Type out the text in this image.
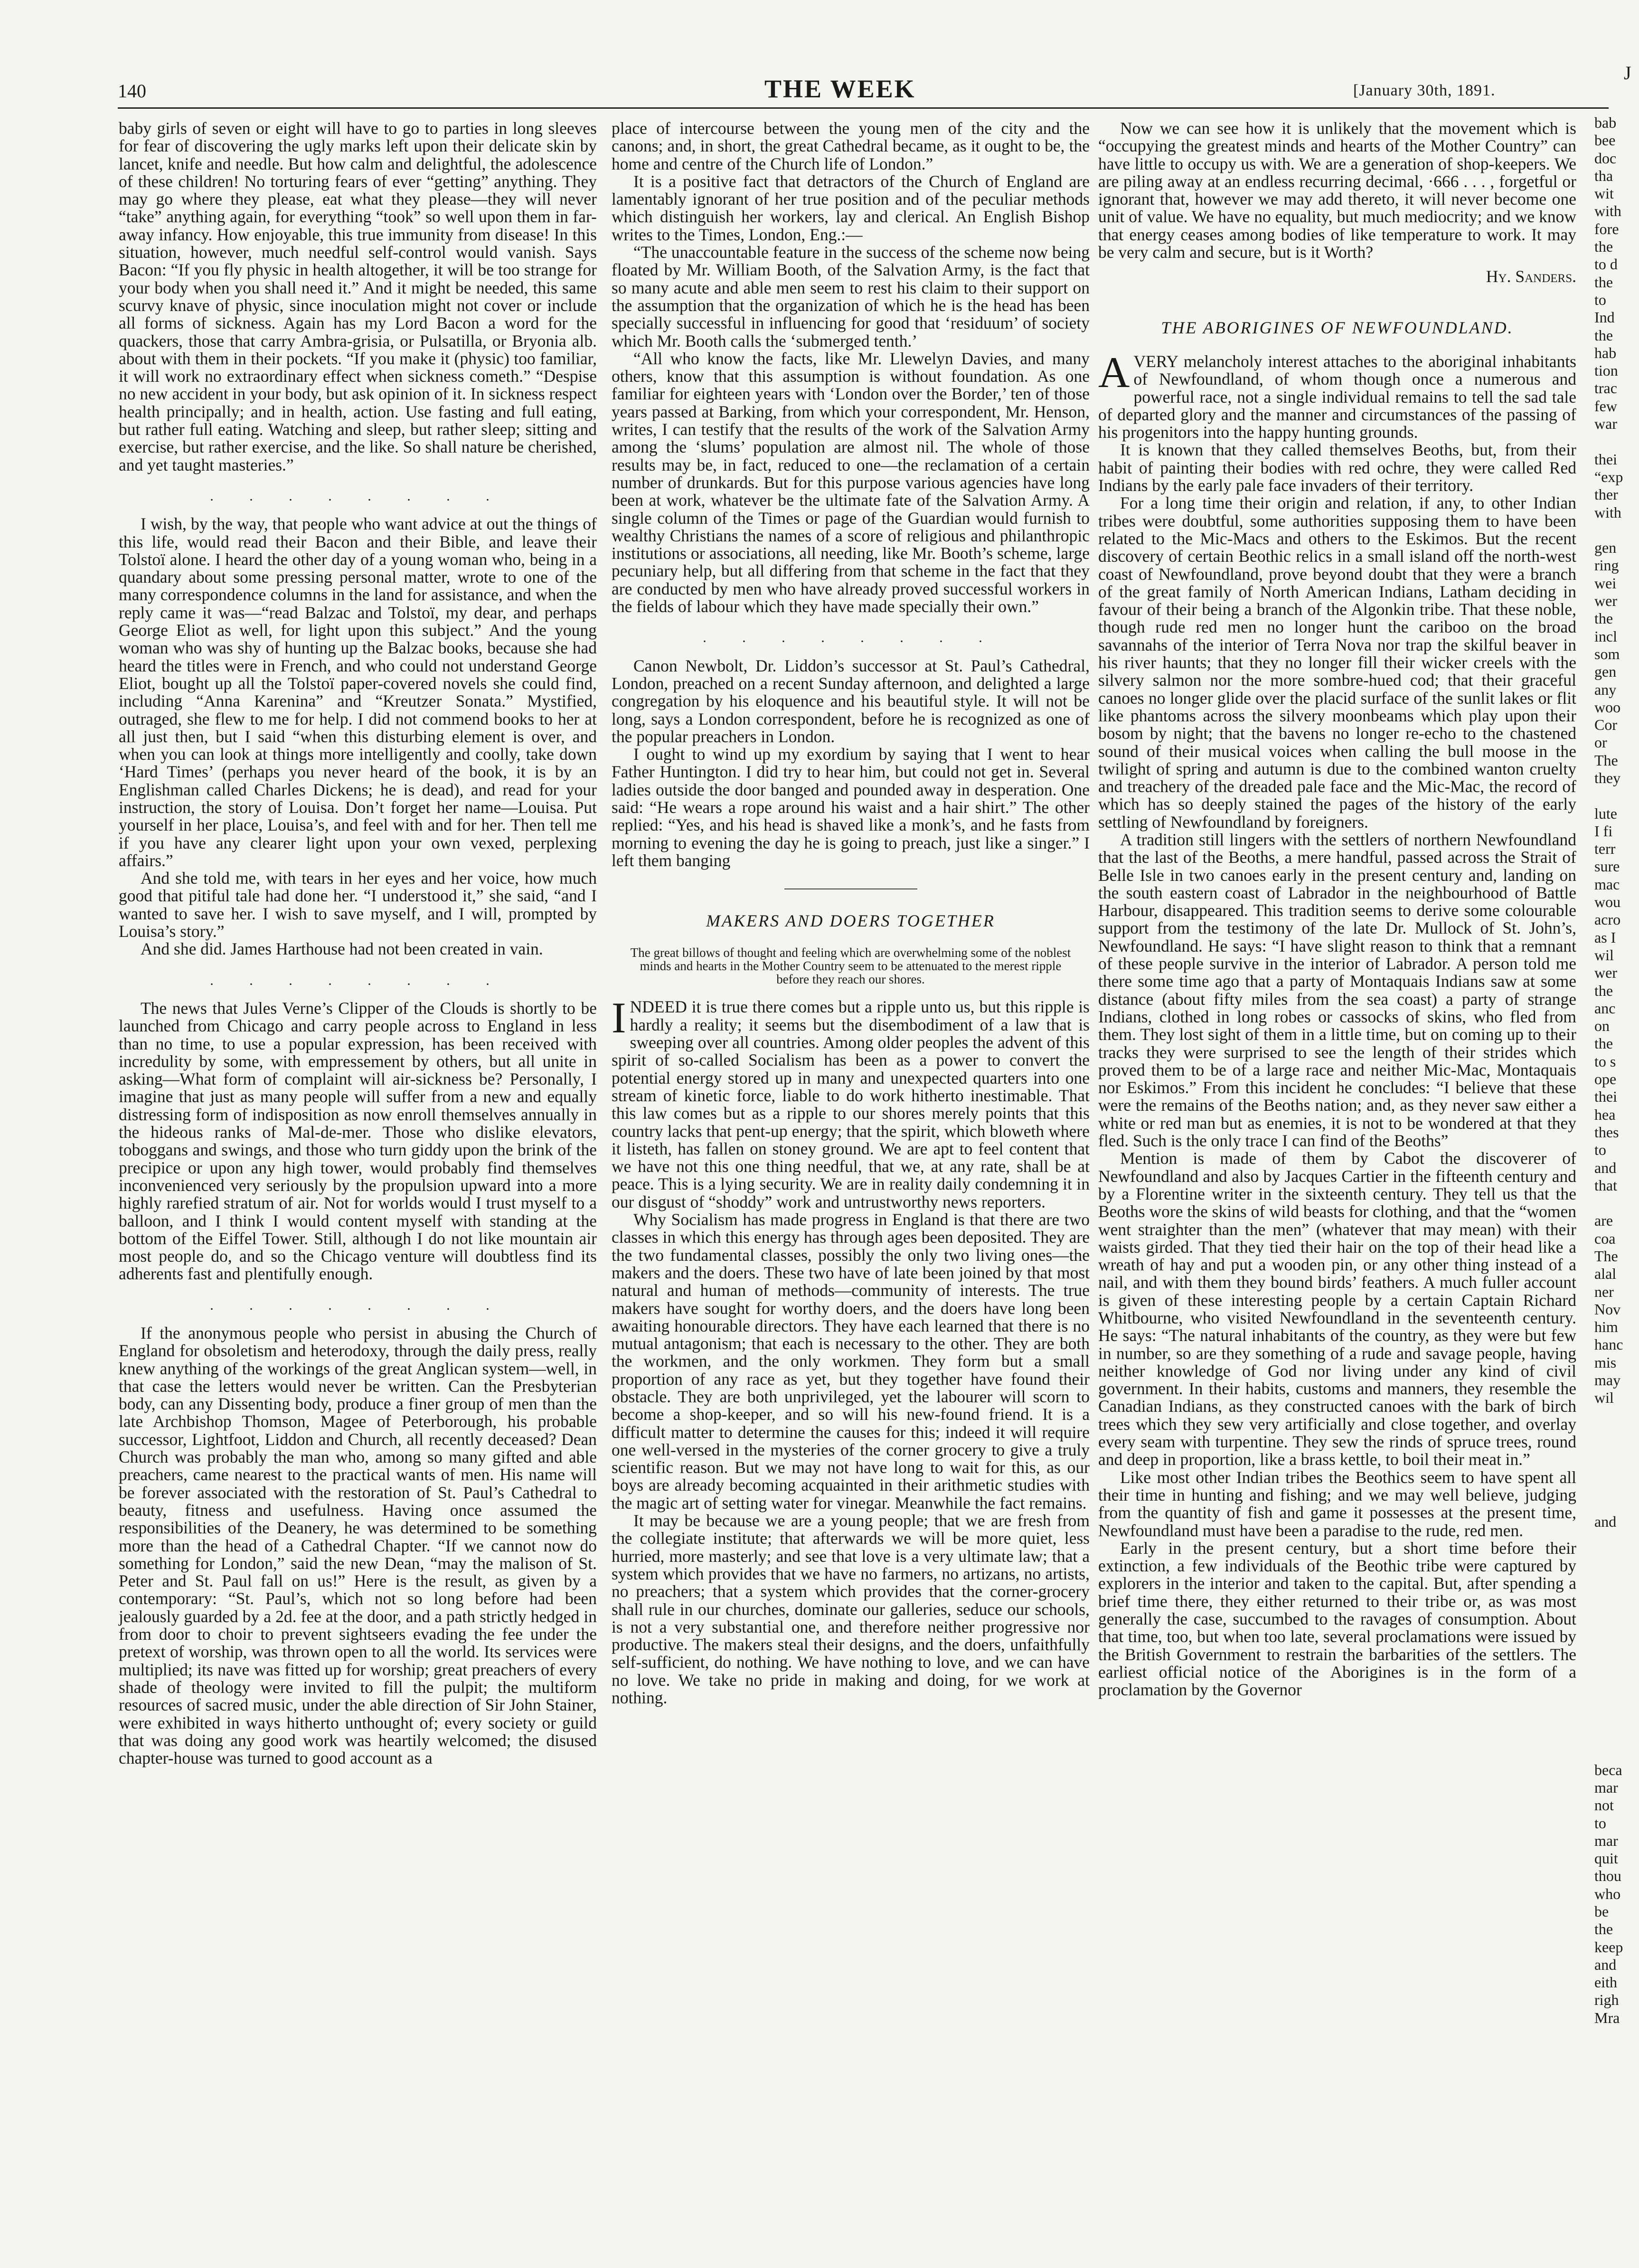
140	THE WEEK	[January 30th, 1891.
J

baby girls of seven or eight will have to go to parties in long sleeves for fear of discovering the ugly marks left upon their delicate skin by lancet, knife and needle. But how calm and delightful, the adolescence of these children! No torturing fears of ever “getting” anything. They may go where they please, eat what they please—they will never “take” anything again, for everything “took” so well upon them in far-away infancy. How enjoyable, this true immunity from disease! In this situation, however, much needful self-control would vanish. Says Bacon: “If you fly physic in health altogether, it will be too strange for your body when you shall need it.” And it might be needed, this same scurvy knave of physic, since inoculation might not cover or include all forms of sickness. Again has my Lord Bacon a word for the quackers, those that carry Ambra-grisia, or Pulsatilla, or Bryonia alb. about with them in their pockets. “If you make it (physic) too familiar, it will work no extraordinary effect when sickness cometh.” “Despise no new accident in your body, but ask opinion of it. In sickness respect health principally; and in health, action. Use fasting and full eating, but rather full eating. Watching and sleep, but rather sleep; sitting and exercise, but rather exercise, and the like. So shall nature be cherished, and yet taught masteries.”

. . . . . . . .

I wish, by the way, that people who want advice at out the things of this life, would read their Bacon and their Bible, and leave their Tolstoï alone. I heard the other day of a young woman who, being in a quandary about some pressing personal matter, wrote to one of the many correspondence columns in the land for assistance, and when the reply came it was—“read Balzac and Tolstoï, my dear, and perhaps George Eliot as well, for light upon this subject.” And the young woman who was shy of hunting up the Balzac books, because she had heard the titles were in French, and who could not understand George Eliot, bought up all the Tolstoï paper-covered novels she could find, including “Anna Karenina” and “Kreutzer Sonata.” Mystified, outraged, she flew to me for help. I did not commend books to her at all just then, but I said “when this disturbing element is over, and when you can look at things more intelligently and coolly, take down ‘Hard Times’ (perhaps you never heard of the book, it is by an Englishman called Charles Dickens; he is dead), and read for your instruction, the story of Louisa. Don’t forget her name—Louisa. Put yourself in her place, Louisa’s, and feel with and for her. Then tell me if you have any clearer light upon your own vexed, perplexing affairs.”

And she told me, with tears in her eyes and her voice, how much good that pitiful tale had done her. “I understood it,” she said, “and I wanted to save her. I wish to save myself, and I will, prompted by Louisa’s story.”

And she did. James Harthouse had not been created in vain.

. . . . . . . .

The news that Jules Verne’s Clipper of the Clouds is shortly to be launched from Chicago and carry people across to England in less than no time, to use a popular expression, has been received with incredulity by some, with empressement by others, but all unite in asking—What form of complaint will air-sickness be? Personally, I imagine that just as many people will suffer from a new and equally distressing form of indisposition as now enroll themselves annually in the hideous ranks of Mal-de-mer. Those who dislike elevators, toboggans and swings, and those who turn giddy upon the brink of the precipice or upon any high tower, would probably find themselves inconvenienced very seriously by the propulsion upward into a more highly rarefied stratum of air. Not for worlds would I trust myself to a balloon, and I think I would content myself with standing at the bottom of the Eiffel Tower. Still, although I do not like mountain air most people do, and so the Chicago venture will doubtless find its adherents fast and plentifully enough.

. . . . . . . .

If the anonymous people who persist in abusing the Church of England for obsoletism and heterodoxy, through the daily press, really knew anything of the workings of the great Anglican system—well, in that case the letters would never be written. Can the Presbyterian body, can any Dissenting body, produce a finer group of men than the late Archbishop Thomson, Magee of Peterborough, his probable successor, Lightfoot, Liddon and Church, all recently deceased? Dean Church was probably the man who, among so many gifted and able preachers, came nearest to the practical wants of men. His name will be forever associated with the restoration of St. Paul’s Cathedral to beauty, fitness and usefulness. Having once assumed the responsibilities of the Deanery, he was determined to be something more than the head of a Cathedral Chapter. “If we cannot now do something for London,” said the new Dean, “may the malison of St. Peter and St. Paul fall on us!” Here is the result, as given by a contemporary: “St. Paul’s, which not so long before had been jealously guarded by a 2d. fee at the door, and a path strictly hedged in from door to choir to prevent sightseers evading the fee under the pretext of worship, was thrown open to all the world. Its services were multiplied; its nave was fitted up for worship; great preachers of every shade of theology were invited to fill the pulpit; the multiform resources of sacred music, under the able direction of Sir John Stainer, were exhibited in ways hitherto unthought of; every society or guild that was doing any good work was heartily welcomed; the disused chapter-house was turned to good account as a

place of intercourse between the young men of the city and the canons; and, in short, the great Cathedral became, as it ought to be, the home and centre of the Church life of London.”

It is a positive fact that detractors of the Church of England are lamentably ignorant of her true position and of the peculiar methods which distinguish her workers, lay and clerical. An English Bishop writes to the Times, London, Eng.:—

“The unaccountable feature in the success of the scheme now being floated by Mr. William Booth, of the Salvation Army, is the fact that so many acute and able men seem to rest his claim to their support on the assumption that the organization of which he is the head has been specially successful in influencing for good that ‘residuum’ of society which Mr. Booth calls the ‘submerged tenth.’

“All who know the facts, like Mr. Llewelyn Davies, and many others, know that this assumption is without foundation. As one familiar for eighteen years with ‘London over the Border,’ ten of those years passed at Barking, from which your correspondent, Mr. Henson, writes, I can testify that the results of the work of the Salvation Army among the ‘slums’ population are almost nil. The whole of those results may be, in fact, reduced to one—the reclamation of a certain number of drunkards. But for this purpose various agencies have long been at work, whatever be the ultimate fate of the Salvation Army. A single column of the Times or page of the Guardian would furnish to wealthy Christians the names of a score of religious and philanthropic institutions or associations, all needing, like Mr. Booth’s scheme, large pecuniary help, but all differing from that scheme in the fact that they are conducted by men who have already proved successful workers in the fields of labour which they have made specially their own.”

. . . . . . . .

Canon Newbolt, Dr. Liddon’s successor at St. Paul’s Cathedral, London, preached on a recent Sunday afternoon, and delighted a large congregation by his eloquence and his beautiful style. It will not be long, says a London correspondent, before he is recognized as one of the popular preachers in London.

I ought to wind up my exordium by saying that I went to hear Father Huntington. I did try to hear him, but could not get in. Several ladies outside the door banged and pounded away in desperation. One said: “He wears a rope around his waist and a hair shirt.” The other replied: “Yes, and his head is shaved like a monk’s, and he fasts from morning to evening the day he is going to preach, just like a singer.” I left them banging

MAKERS AND DOERS TOGETHER
The great billows of thought and feeling which are overwhelming some of the noblest minds and hearts in the Mother Country seem to be attenuated to the merest ripple before they reach our shores.

INDEED it is true there comes but a ripple unto us, but this ripple is hardly a reality; it seems but the disembodiment of a law that is sweeping over all countries. Among older peoples the advent of this spirit of so-called Socialism has been as a power to convert the potential energy stored up in many and unexpected quarters into one stream of kinetic force, liable to do work hitherto inestimable. That this law comes but as a ripple to our shores merely points that this country lacks that pent-up energy; that the spirit, which bloweth where it listeth, has fallen on stoney ground. We are apt to feel content that we have not this one thing needful, that we, at any rate, shall be at peace. This is a lying security. We are in reality daily condemning it in our disgust of “shoddy” work and untrustworthy news reporters.

Why Socialism has made progress in England is that there are two classes in which this energy has through ages been deposited. They are the two fundamental classes, possibly the only two living ones—the makers and the doers. These two have of late been joined by that most natural and human of methods—community of interests. The true makers have sought for worthy doers, and the doers have long been awaiting honourable directors. They have each learned that there is no mutual antagonism; that each is necessary to the other. They are both the workmen, and the only workmen. They form but a small proportion of any race as yet, but they together have found their obstacle. They are both unprivileged, yet the labourer will scorn to become a shop-keeper, and so will his new-found friend. It is a difficult matter to determine the causes for this; indeed it will require one well-versed in the mysteries of the corner grocery to give a truly scientific reason. But we may not have long to wait for this, as our boys are already becoming acquainted in their arithmetic studies with the magic art of setting water for vinegar. Meanwhile the fact remains.

It may be because we are a young people; that we are fresh from the collegiate institute; that afterwards we will be more quiet, less hurried, more masterly; and see that love is a very ultimate law; that a system which provides that we have no farmers, no artizans, no artists, no preachers; that a system which provides that the corner-grocery shall rule in our churches, dominate our galleries, seduce our schools, is not a very substantial one, and therefore neither progressive nor productive. The makers steal their designs, and the doers, unfaithfully self-sufficient, do nothing. We have nothing to love, and we can have no love. We take no pride in making and doing, for we work at nothing.

Now we can see how it is unlikely that the movement which is “occupying the greatest minds and hearts of the Mother Country” can have little to occupy us with. We are a generation of shop-keepers. We are piling away at an endless recurring decimal, ·666 . . . , forgetful or ignorant that, however we may add thereto, it will never become one unit of value. We have no equality, but much mediocrity; and we know that energy ceases among bodies of like temperature to work. It may be very calm and secure, but is it Worth?

Hy. Sanders.
THE ABORIGINES OF NEWFOUNDLAND.

AVERY melancholy interest attaches to the aboriginal inhabitants of Newfoundland, of whom though once a numerous and powerful race, not a single individual remains to tell the sad tale of departed glory and the manner and circumstances of the passing of his progenitors into the happy hunting grounds.

It is known that they called themselves Beoths, but, from their habit of painting their bodies with red ochre, they were called Red Indians by the early pale face invaders of their territory.

For a long time their origin and relation, if any, to other Indian tribes were doubtful, some authorities supposing them to have been related to the Mic-Macs and others to the Eskimos. But the recent discovery of certain Beothic relics in a small island off the north-west coast of Newfoundland, prove beyond doubt that they were a branch of the great family of North American Indians, Latham deciding in favour of their being a branch of the Algonkin tribe. That these noble, though rude red men no longer hunt the cariboo on the broad savannahs of the interior of Terra Nova nor trap the skilful beaver in his river haunts; that they no longer fill their wicker creels with the silvery salmon nor the more sombre-hued cod; that their graceful canoes no longer glide over the placid surface of the sunlit lakes or flit like phantoms across the silvery moonbeams which play upon their bosom by night; that the bavens no longer re-echo to the chastened sound of their musical voices when calling the bull moose in the twilight of spring and autumn is due to the combined wanton cruelty and treachery of the dreaded pale face and the Mic-Mac, the record of which has so deeply stained the pages of the history of the early settling of Newfoundland by foreigners.

A tradition still lingers with the settlers of northern Newfoundland that the last of the Beoths, a mere handful, passed across the Strait of Belle Isle in two canoes early in the present century and, landing on the south eastern coast of Labrador in the neighbourhood of Battle Harbour, disappeared. This tradition seems to derive some colourable support from the testimony of the late Dr. Mullock of St. John’s, Newfoundland. He says: “I have slight reason to think that a remnant of these people survive in the interior of Labrador. A person told me there some time ago that a party of Montaquais Indians saw at some distance (about fifty miles from the sea coast) a party of strange Indians, clothed in long robes or cassocks of skins, who fled from them. They lost sight of them in a little time, but on coming up to their tracks they were surprised to see the length of their strides which proved them to be of a large race and neither Mic-Mac, Montaquais nor Eskimos.” From this incident he concludes: “I believe that these were the remains of the Beoths nation; and, as they never saw either a white or red man but as enemies, it is not to be wondered at that they fled. Such is the only trace I can find of the Beoths”

Mention is made of them by Cabot the discoverer of Newfoundland and also by Jacques Cartier in the fifteenth century and by a Florentine writer in the sixteenth century. They tell us that the Beoths wore the skins of wild beasts for clothing, and that the “women went straighter than the men” (whatever that may mean) with their waists girded. That they tied their hair on the top of their head like a wreath of hay and put a wooden pin, or any other thing instead of a nail, and with them they bound birds’ feathers. A much fuller account is given of these interesting people by a certain Captain Richard Whitbourne, who visited Newfoundland in the seventeenth century. He says: “The natural inhabitants of the country, as they were but few in number, so are they something of a rude and savage people, having neither knowledge of God nor living under any kind of civil government. In their habits, customs and manners, they resemble the Canadian Indians, as they constructed canoes with the bark of birch trees which they sew very artificially and close together, and overlay every seam with turpentine. They sew the rinds of spruce trees, round and deep in proportion, like a brass kettle, to boil their meat in.”

Like most other Indian tribes the Beothics seem to have spent all their time in hunting and fishing; and we may well believe, judging from the quantity of fish and game it possesses at the present time, Newfoundland must have been a paradise to the rude, red men.

Early in the present century, but a short time before their extinction, a few individuals of the Beothic tribe were captured by explorers in the interior and taken to the capital. But, after spending a brief time there, they either returned to their tribe or, as was most generally the case, succumbed to the ravages of consumption. About that time, too, but when too late, several proclamations were issued by the British Government to restrain the barbarities of the settlers. The earliest official notice of the Aborigines is in the form of a proclamation by the Governor

bab
bee
doc
tha
wit
with
fore
the
to d
the
to
Ind
the
hab
tion
trac
few
war
thei
“exp
ther
with
gen
ring
wei
wer
the
incl
som
gen
any
woo
Cor
or
The
they
lute
I fi
terr
sure
mac
wou
acro
as I
wil
wer
the
anc
on
the
to s
ope
thei
hea
thes
to
and
that
are
coa
The
alal
ner
Nov
him
hanc
mis
may
wil
and
beca
mar
not
to
mar
quit
thou
who
be
the
keep
and
eith
righ
Mra
